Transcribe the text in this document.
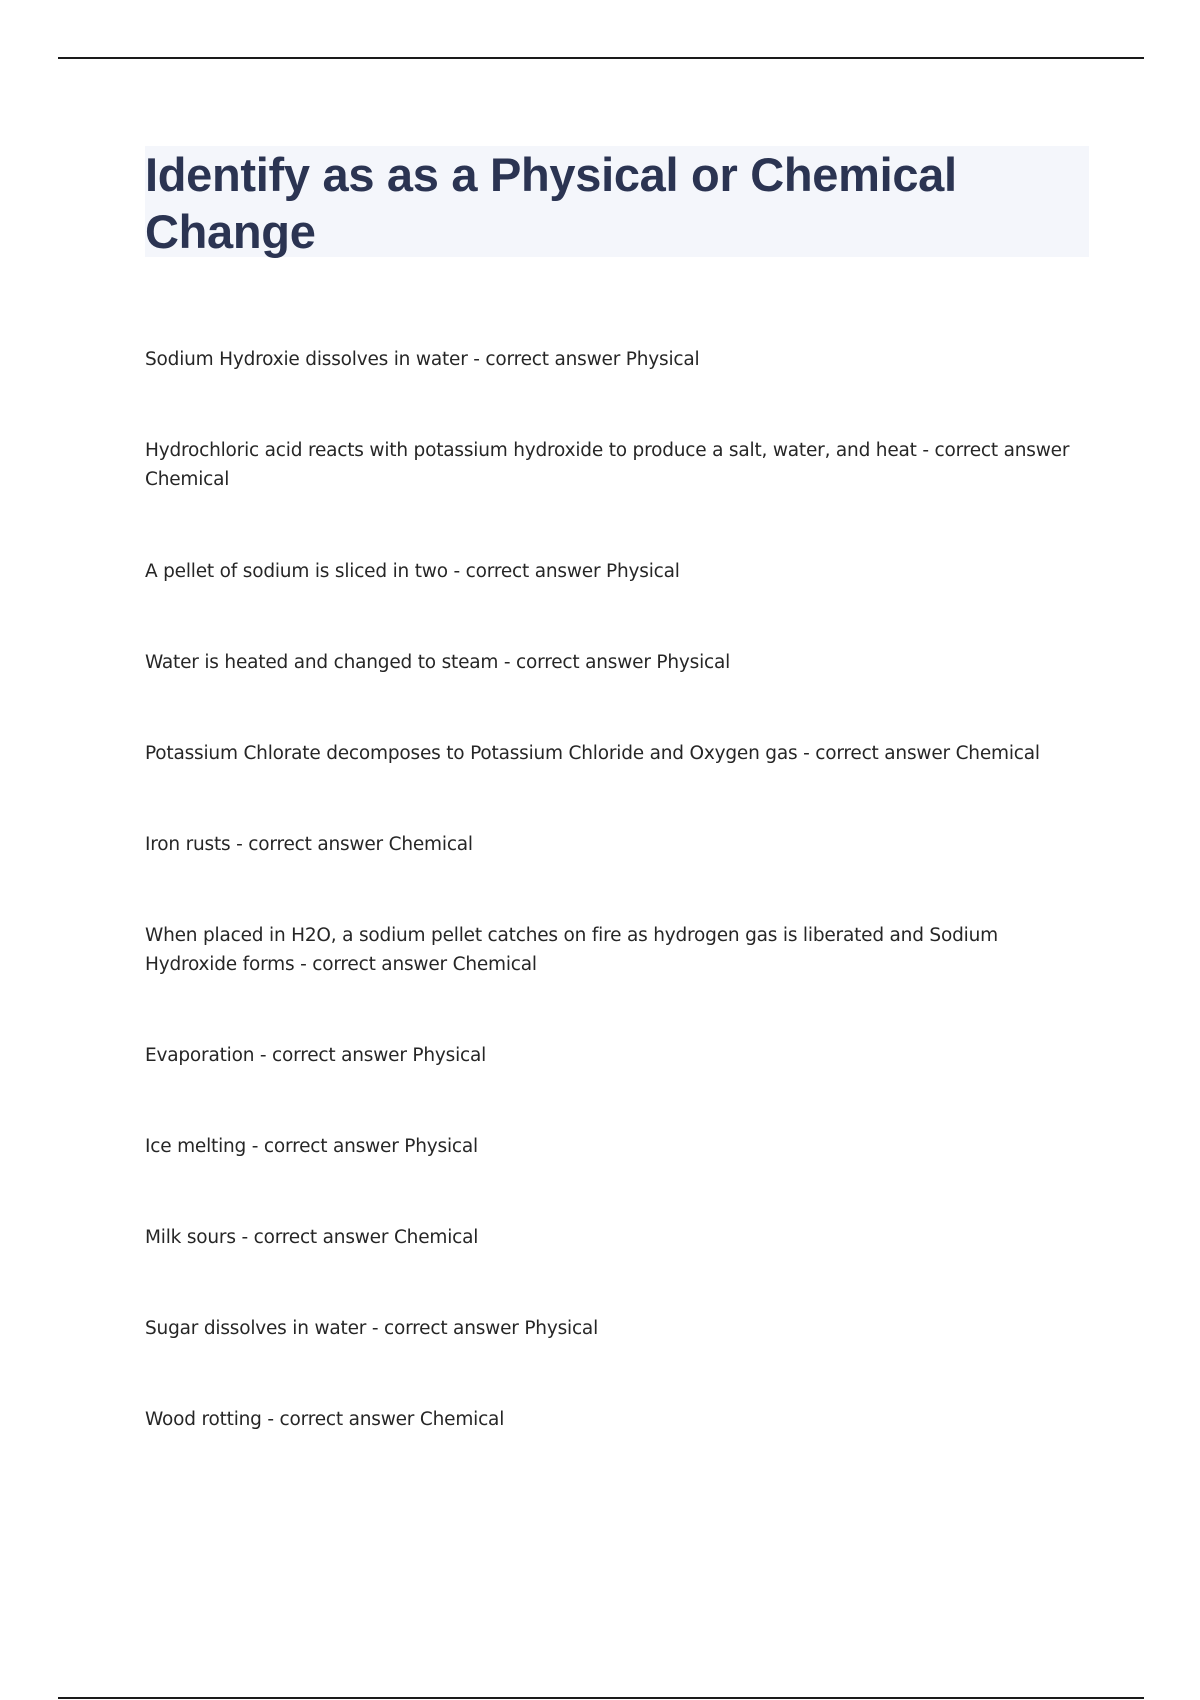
Identify as as a Physical or Chemical Change
Sodium Hydroxie dissolves in water - correct answer Physical
Hydrochloric acid reacts with potassium hydroxide to produce a salt, water, and heat - correct answer Chemical
A pellet of sodium is sliced in two - correct answer Physical
Water is heated and changed to steam - correct answer Physical
Potassium Chlorate decomposes to Potassium Chloride and Oxygen gas - correct answer Chemical
Iron rusts - correct answer Chemical
When placed in H2O, a sodium pellet catches on fire as hydrogen gas is liberated and Sodium Hydroxide forms - correct answer Chemical
Evaporation - correct answer Physical
Ice melting - correct answer Physical
Milk sours - correct answer Chemical
Sugar dissolves in water - correct answer Physical
Wood rotting - correct answer Chemical
